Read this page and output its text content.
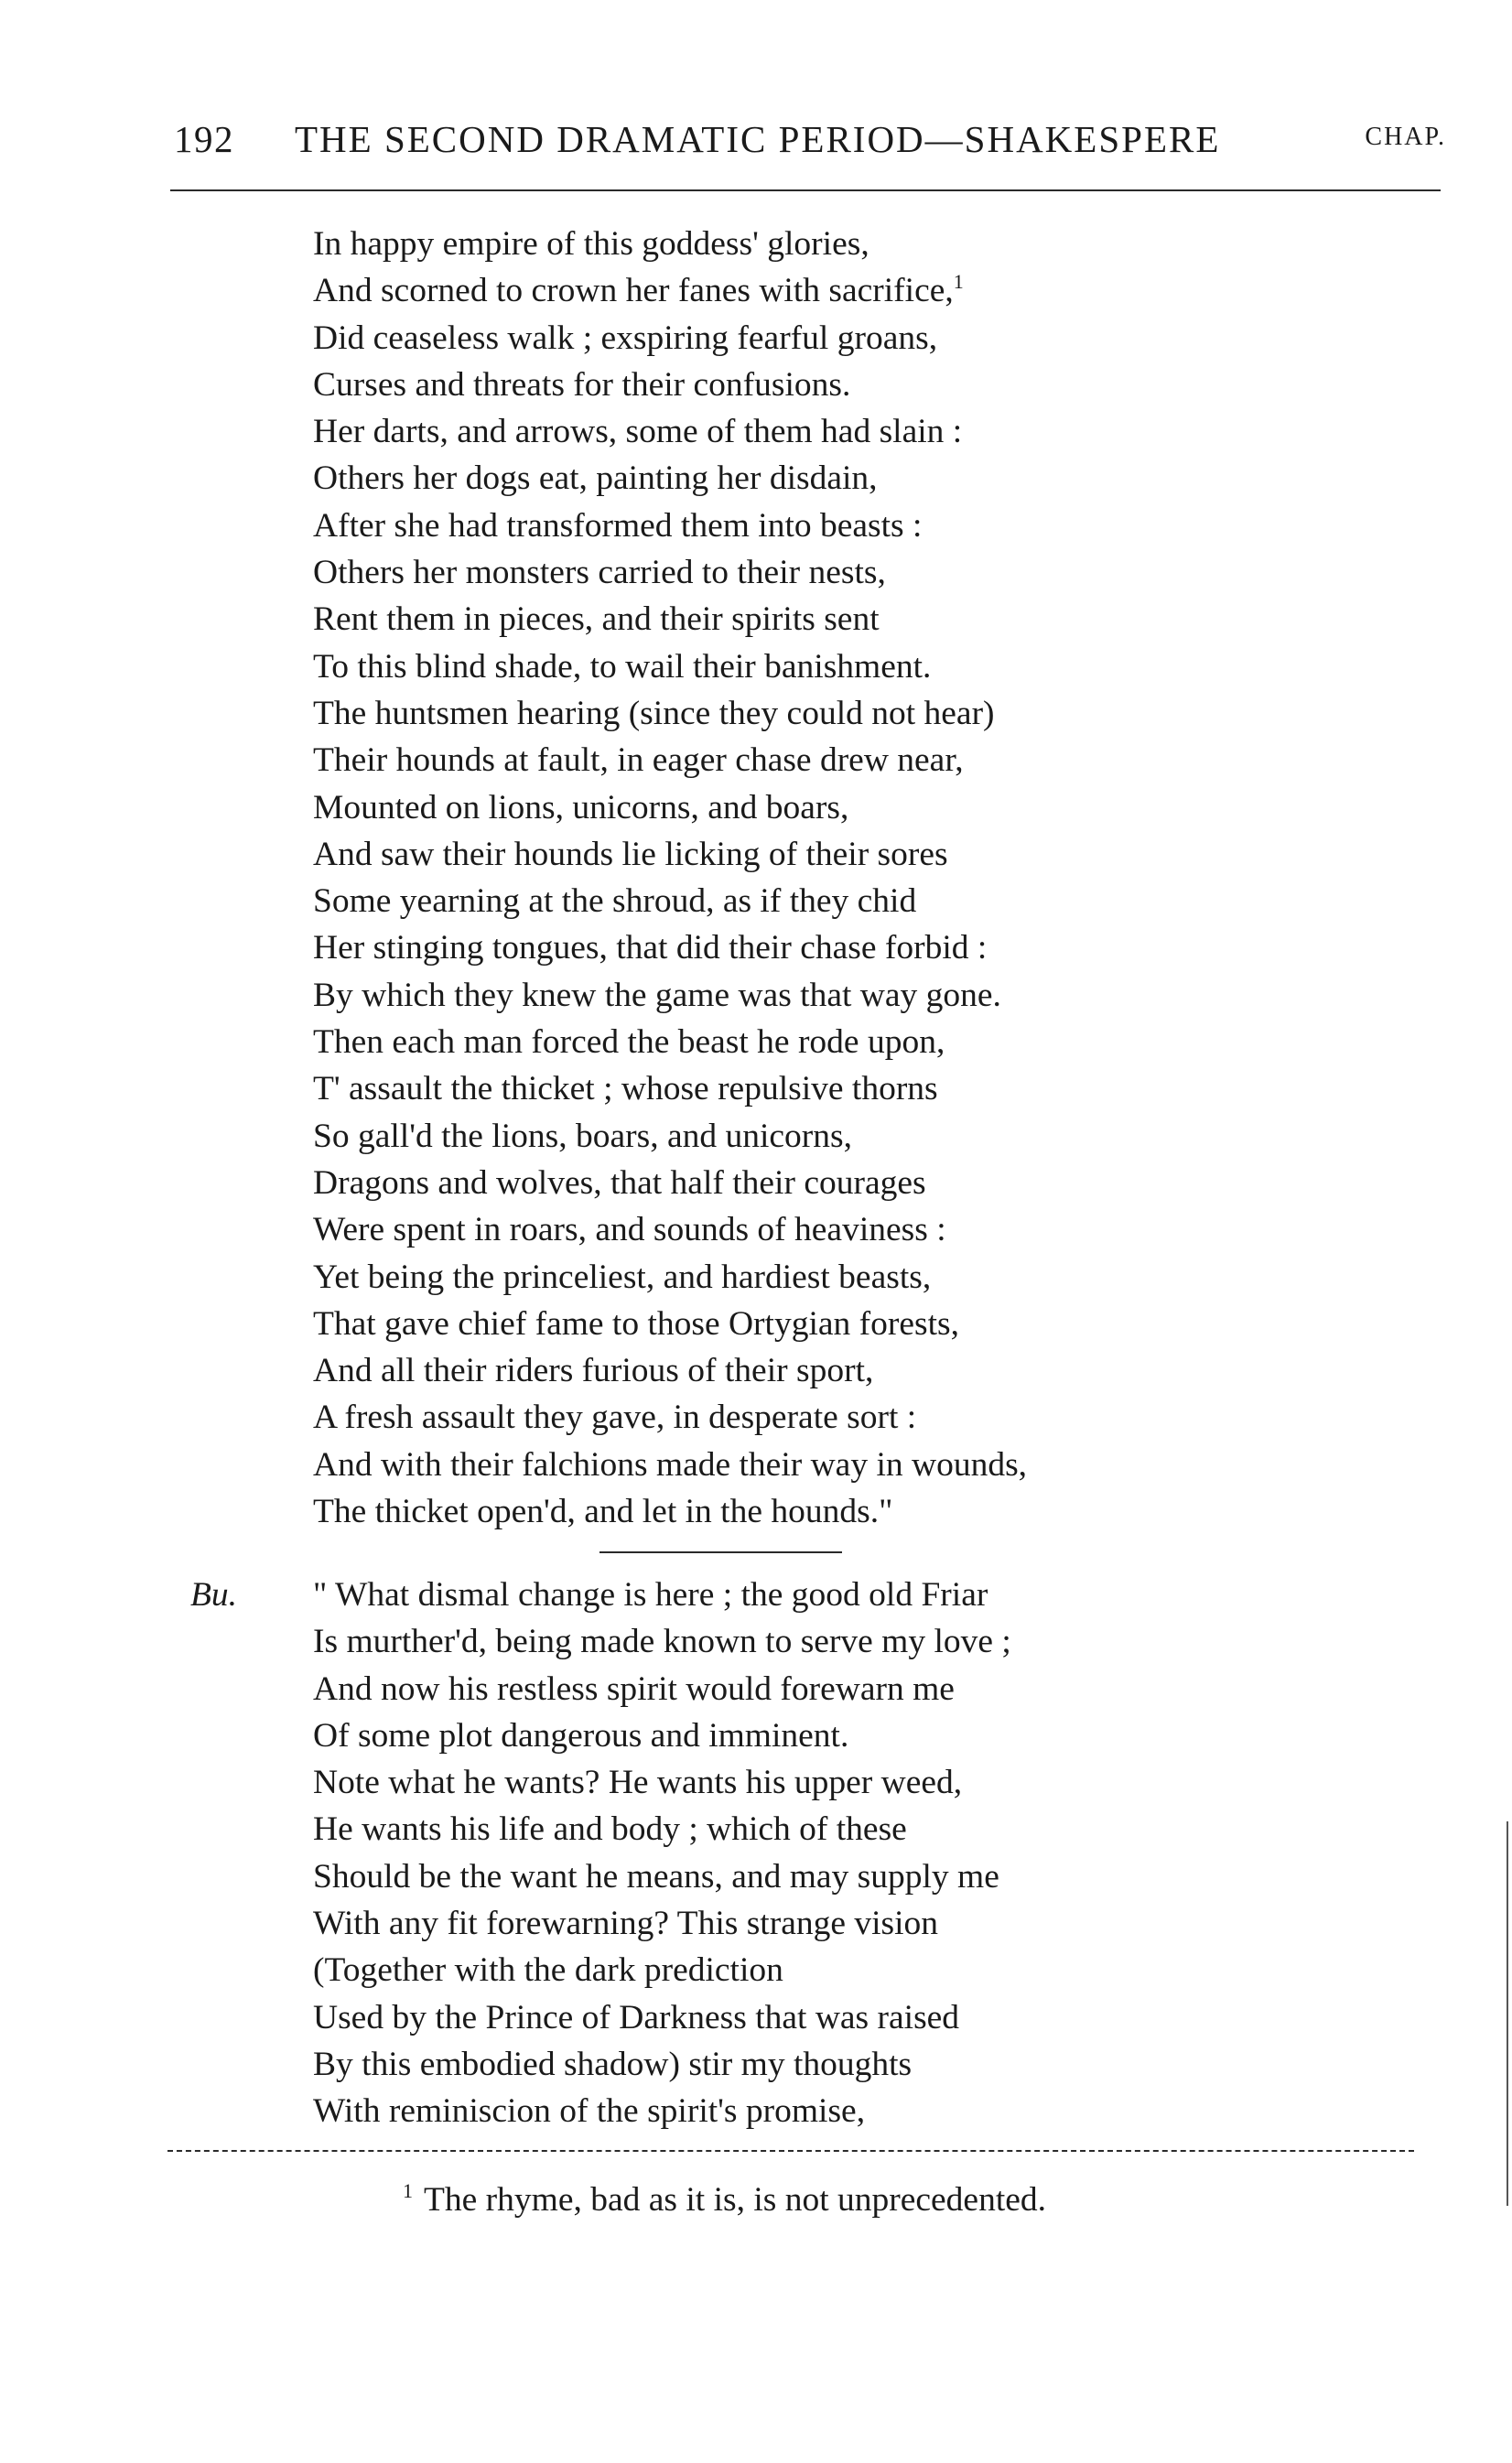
192 THE SECOND DRAMATIC PERIOD—SHAKESPERE	CHAP.
In happy empire of this goddess' glories,
And scorned to crown her fanes with sacrifice,$^1$
Did ceaseless walk ; exspiring fearful groans,
Curses and threats for their confusions.
Her darts, and arrows, some of them had slain :
Others her dogs eat, painting her disdain,
After she had transformed them into beasts :
Others her monsters carried to their nests,
Rent them in pieces, and their spirits sent
To this blind shade, to wail their banishment.
The huntsmen hearing (since they could not hear)
Their hounds at fault, in eager chase drew near,
Mounted on lions, unicorns, and boars,
And saw their hounds lie licking of their sores
Some yearning at the shroud, as if they chid
Her stinging tongues, that did their chase forbid :
By which they knew the game was that way gone.
Then each man forced the beast he rode upon,
T' assault the thicket ; whose repulsive thorns
So gall'd the lions, boars, and unicorns,
Dragons and wolves, that half their courages
Were spent in roars, and sounds of heaviness :
Yet being the princeliest, and hardiest beasts,
That gave chief fame to those Ortygian forests,
And all their riders furious of their sport,
A fresh assault they gave, in desperate sort :
And with their falchions made their way in wounds,
The thicket open'd, and let in the hounds."
Bu. " What dismal change is here ; the good old Friar
Is murther'd, being made known to serve my love ;
And now his restless spirit would forewarn me
Of some plot dangerous and imminent.
Note what he wants? He wants his upper weed,
He wants his life and body ; which of these
Should be the want he means, and may supply me
With any fit forewarning? This strange vision
(Together with the dark prediction
Used by the Prince of Darkness that was raised
By this embodied shadow) stir my thoughts
With reminiscion of the spirit's promise,
$^1$ The rhyme, bad as it is, is not unprecedented.
